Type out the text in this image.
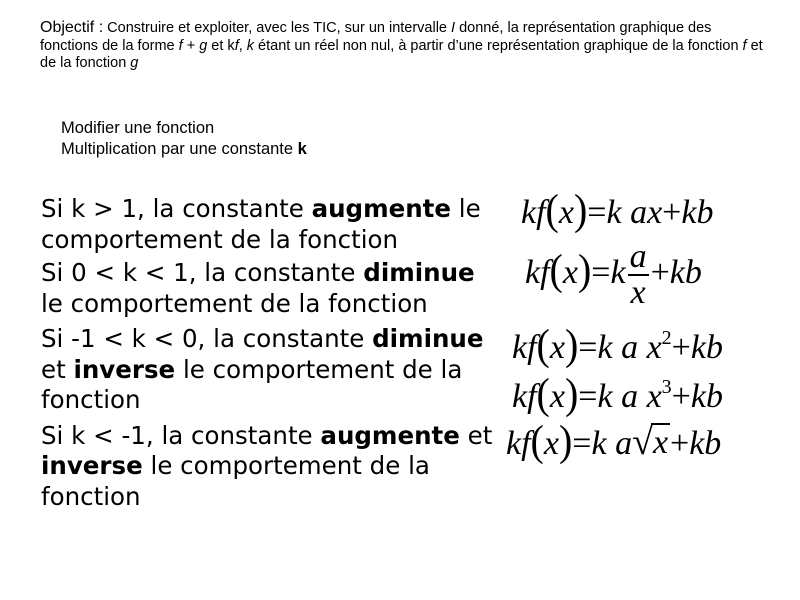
Objectif : Construire et exploiter, avec les TIC, sur un intervalle I donné, la représentation graphique des fonctions de la forme f + g et kf, k étant un réel non nul, à partir d’une représentation graphique de la fonction f et de la fonction g
Modifier une fonction
Multiplication par une constante k

Si k > 1, la constante augmente le comportement de la fonction

Si 0 < k < 1, la constante diminue le comportement de la fonction

Si -1 < k < 0, la constante diminue et inverse le comportement de la fonction

Si k < -1, la constante augmente et inverse le comportement de la fonction

kf(x)=k ax+kb
$kf(x)=k \frac{a}{x} +kb$
kf(x)=k a $x^2+kb$
kf(x)=k a $x^3+kb$
kf(x)=k a √ x +kb
